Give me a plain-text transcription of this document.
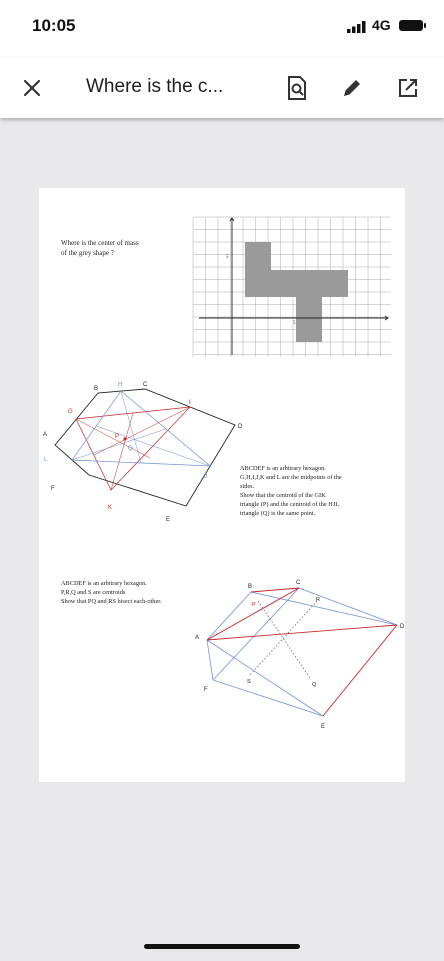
10:05	4G
Where is the c...
Where is the center of mass
of the grey shape ?
5
5
A
B
C
D
E
F
G
H
I
J
K
L
P
Q
ABCDEF is an arbitrary hexagon.
G,H,I,J,K and L are the midpoints of the
sides.
Show that the centroid of the GIK
triangle (P) and the centroid of the HJL
triangle (Q) is the same point.
ABCDEF is an arbitrary hexagon.
P,R,Q and S are centroids
Show that PQ and RS bisect each-other.
A
B
C
D
E
F
P
R
Q
S
